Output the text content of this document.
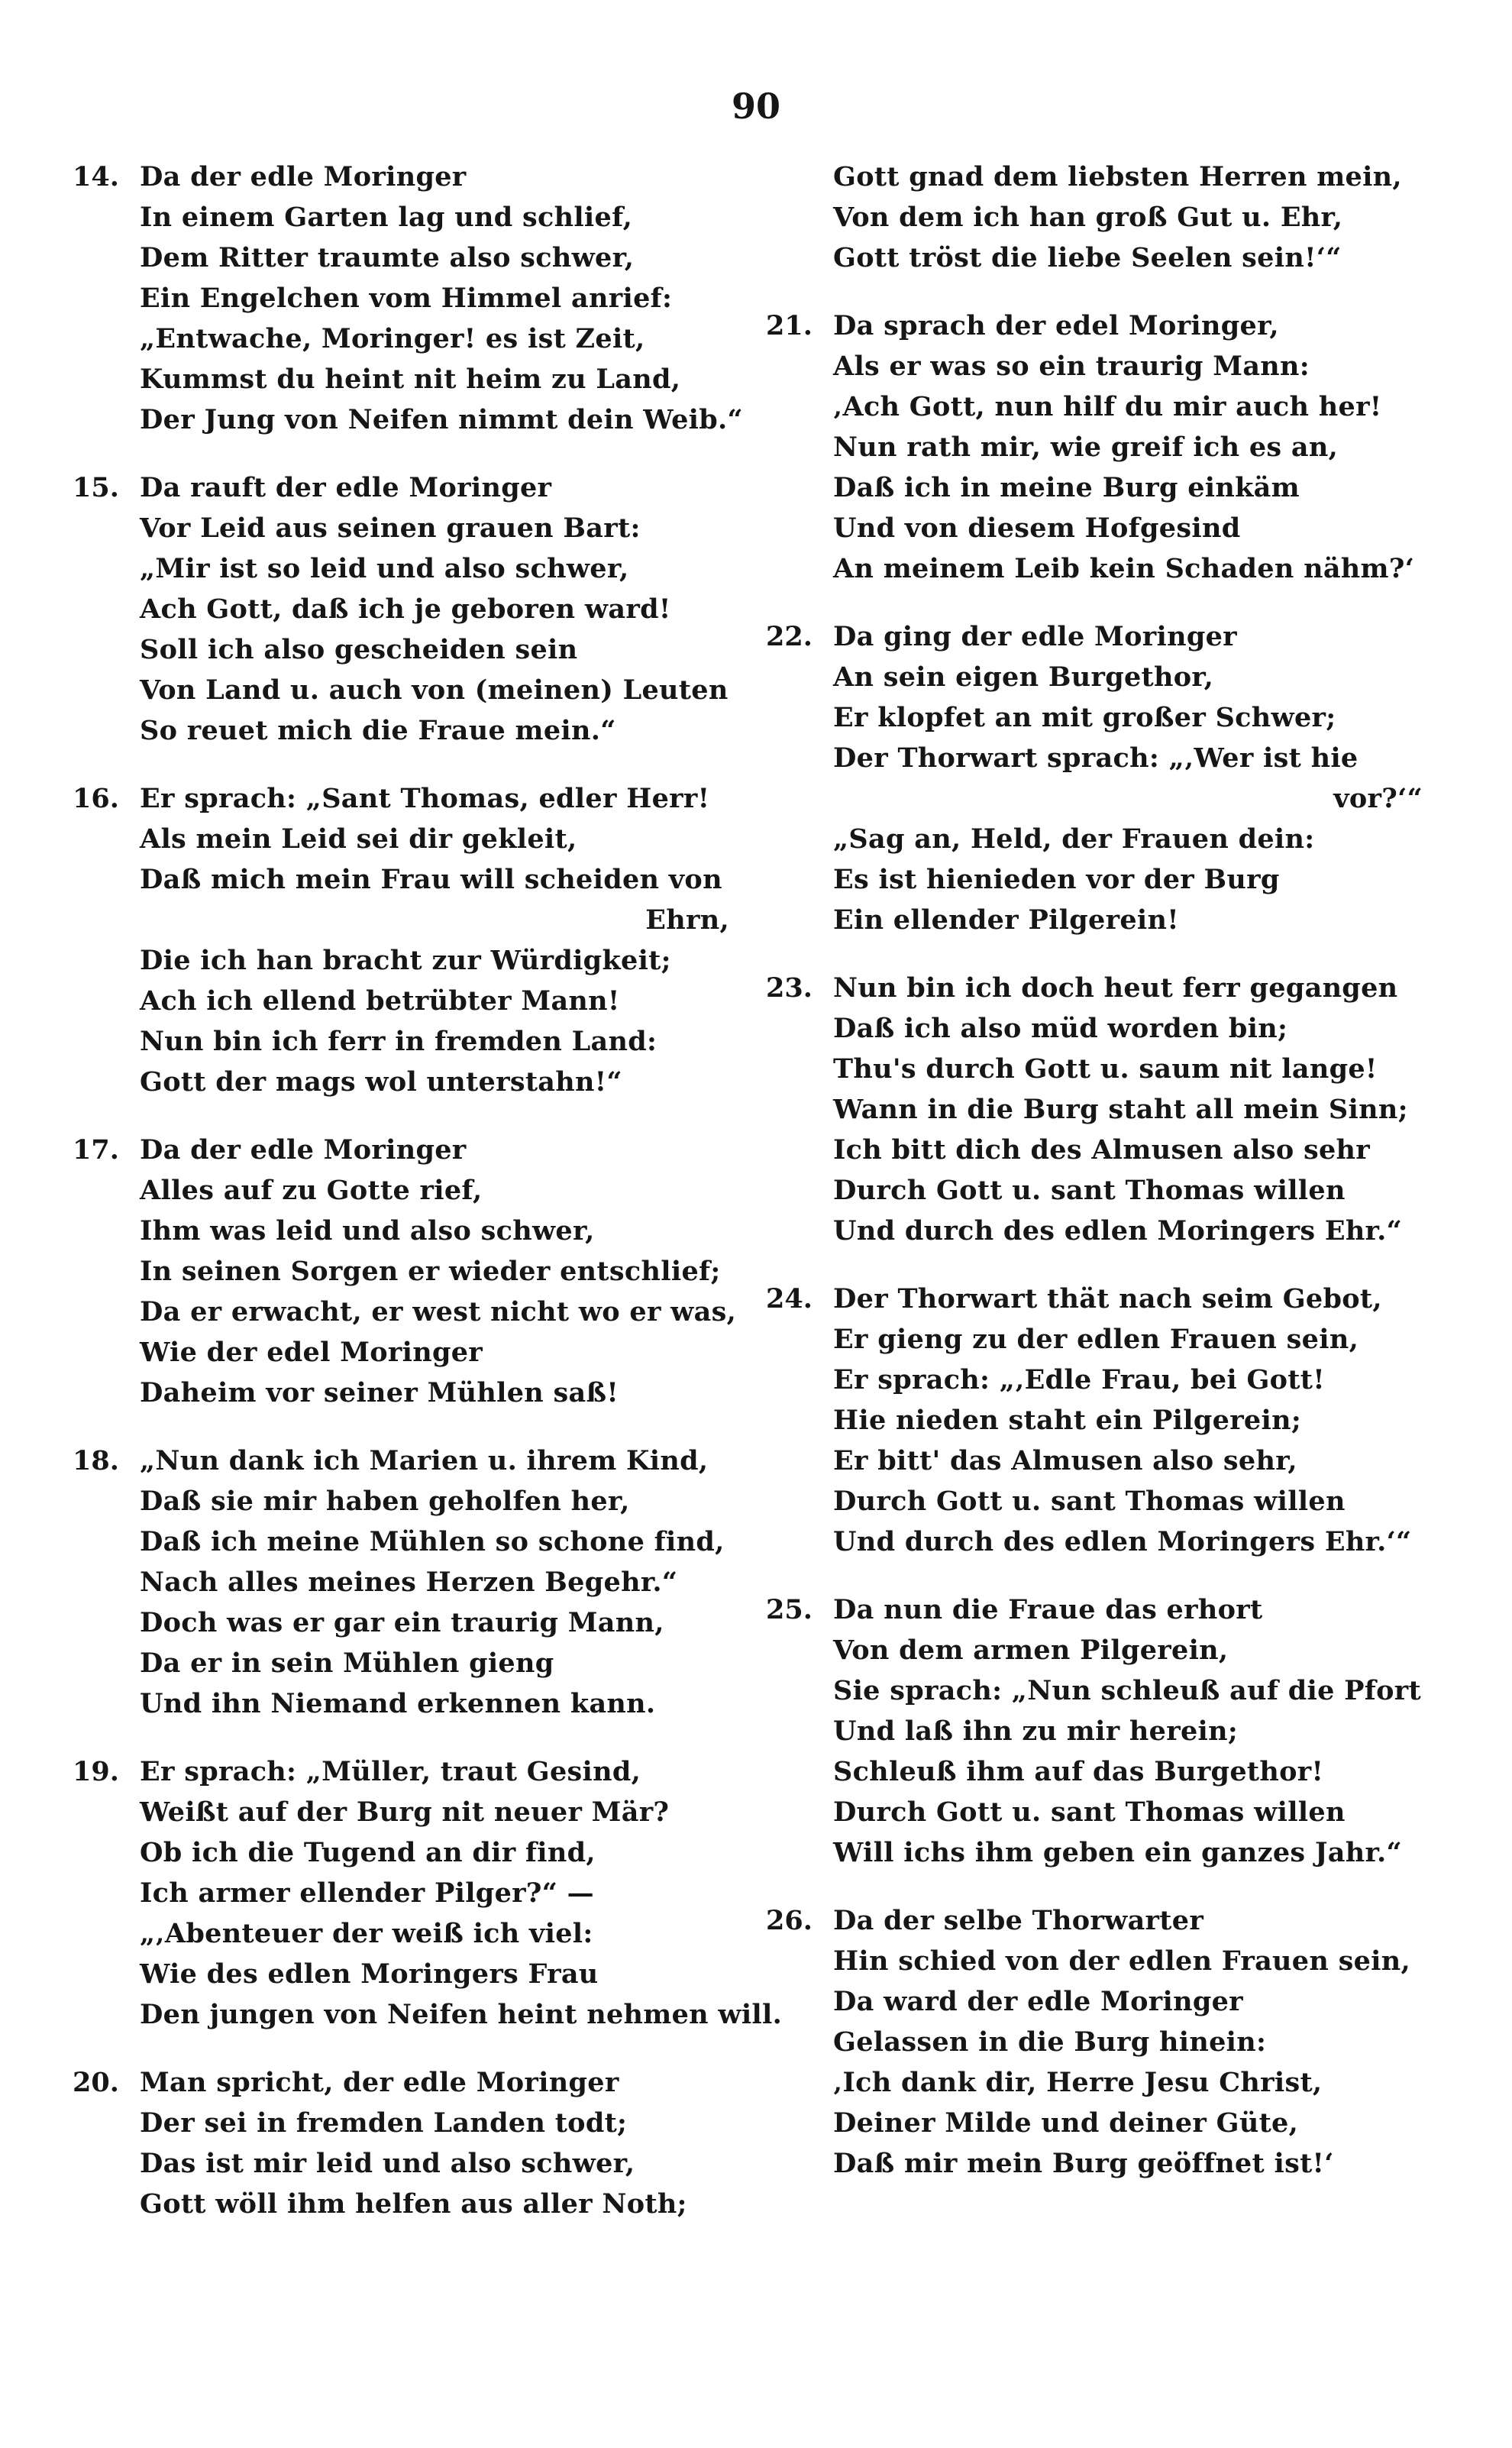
90
14. Da der edle Moringer
In einem Garten lag und schlief,
Dem Ritter traumte also schwer,
Ein Engelchen vom Himmel anrief:
„Entwache, Moringer! es ist Zeit,
Kummst du heint nit heim zu Land,
Der Jung von Neifen nimmt dein Weib.“
15. Da rauft der edle Moringer
Vor Leid aus seinen grauen Bart:
„Mir ist so leid und also schwer,
Ach Gott, daß ich je geboren ward!
Soll ich also gescheiden sein
Von Land u. auch von (meinen) Leuten
So reuet mich die Fraue mein.“
16. Er sprach: „Sant Thomas, edler Herr!
Als mein Leid sei dir gekleit,
Daß mich mein Frau will scheiden von
Ehrn,
Die ich han bracht zur Würdigkeit;
Ach ich ellend betrübter Mann!
Nun bin ich ferr in fremden Land:
Gott der mags wol unterstahn!“
17. Da der edle Moringer
Alles auf zu Gotte rief,
Ihm was leid und also schwer,
In seinen Sorgen er wieder entschlief;
Da er erwacht, er west nicht wo er was,
Wie der edel Moringer
Daheim vor seiner Mühlen saß!
18. „Nun dank ich Marien u. ihrem Kind,
Daß sie mir haben geholfen her,
Daß ich meine Mühlen so schone find,
Nach alles meines Herzen Begehr.“
Doch was er gar ein traurig Mann,
Da er in sein Mühlen gieng
Und ihn Niemand erkennen kann.
19. Er sprach: „Müller, traut Gesind,
Weißt auf der Burg nit neuer Mär?
Ob ich die Tugend an dir find,
Ich armer ellender Pilger?“ —
„‚Abenteuer der weiß ich viel:
Wie des edlen Moringers Frau
Den jungen von Neifen heint nehmen will.
20. Man spricht, der edle Moringer
Der sei in fremden Landen todt;
Das ist mir leid und also schwer,
Gott wöll ihm helfen aus aller Noth;
Gott gnad dem liebsten Herren mein,
Von dem ich han groß Gut u. Ehr,
Gott tröst die liebe Seelen sein!‘“
21. Da sprach der edel Moringer,
Als er was so ein traurig Mann:
‚Ach Gott, nun hilf du mir auch her!
Nun rath mir, wie greif ich es an,
Daß ich in meine Burg einkäm
Und von diesem Hofgesind
An meinem Leib kein Schaden nähm?‘
22. Da ging der edle Moringer
An sein eigen Burgethor,
Er klopfet an mit großer Schwer;
Der Thorwart sprach: „‚Wer ist hie
vor?‘“
„Sag an, Held, der Frauen dein:
Es ist hienieden vor der Burg
Ein ellender Pilgerein!
23. Nun bin ich doch heut ferr gegangen
Daß ich also müd worden bin;
Thu's durch Gott u. saum nit lange!
Wann in die Burg staht all mein Sinn;
Ich bitt dich des Almusen also sehr
Durch Gott u. sant Thomas willen
Und durch des edlen Moringers Ehr.“
24. Der Thorwart thät nach seim Gebot,
Er gieng zu der edlen Frauen sein,
Er sprach: „‚Edle Frau, bei Gott!
Hie nieden staht ein Pilgerein;
Er bitt' das Almusen also sehr,
Durch Gott u. sant Thomas willen
Und durch des edlen Moringers Ehr.‘“
25. Da nun die Fraue das erhort
Von dem armen Pilgerein,
Sie sprach: „Nun schleuß auf die Pfort
Und laß ihn zu mir herein;
Schleuß ihm auf das Burgethor!
Durch Gott u. sant Thomas willen
Will ichs ihm geben ein ganzes Jahr.“
26. Da der selbe Thorwarter
Hin schied von der edlen Frauen sein,
Da ward der edle Moringer
Gelassen in die Burg hinein:
‚Ich dank dir, Herre Jesu Christ,
Deiner Milde und deiner Güte,
Daß mir mein Burg geöffnet ist!‘
